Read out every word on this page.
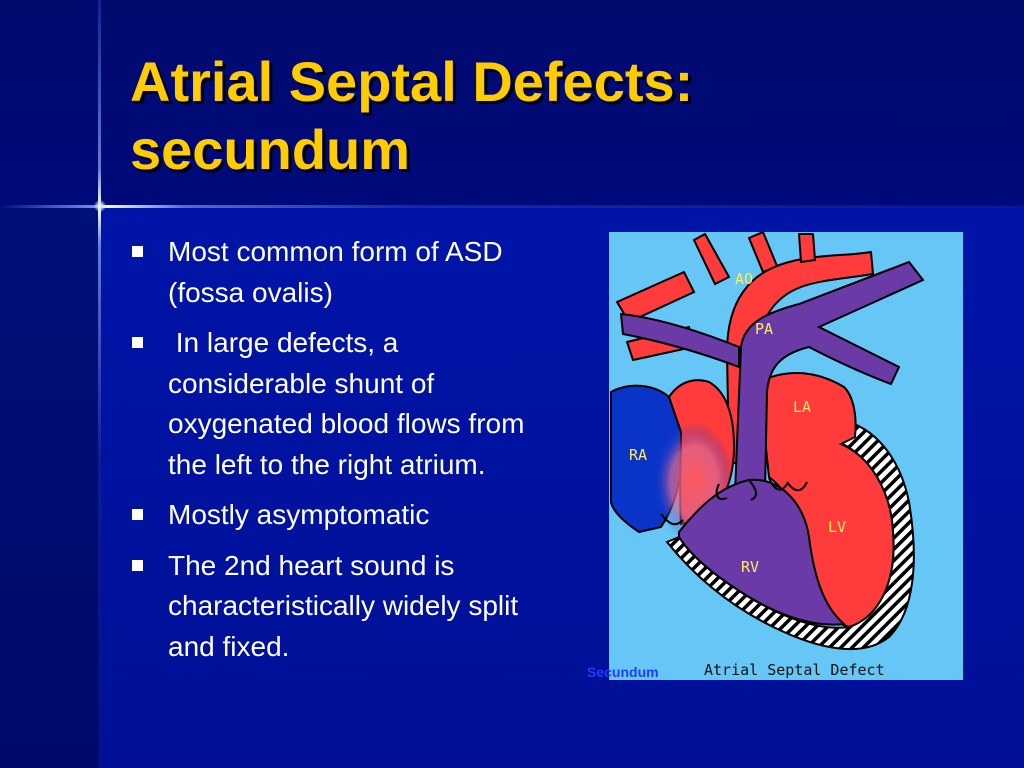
Atrial Septal Defects:
secundum
Most common form of ASD (fossa ovalis)
In large defects, a considerable shunt of oxygenated blood flows from the left to the right atrium.
Mostly asymptomatic
The 2nd heart sound is characteristically widely split and fixed.
AO
PA
LA
RA
LV
RV
Atrial Septal Defect
Secundum
